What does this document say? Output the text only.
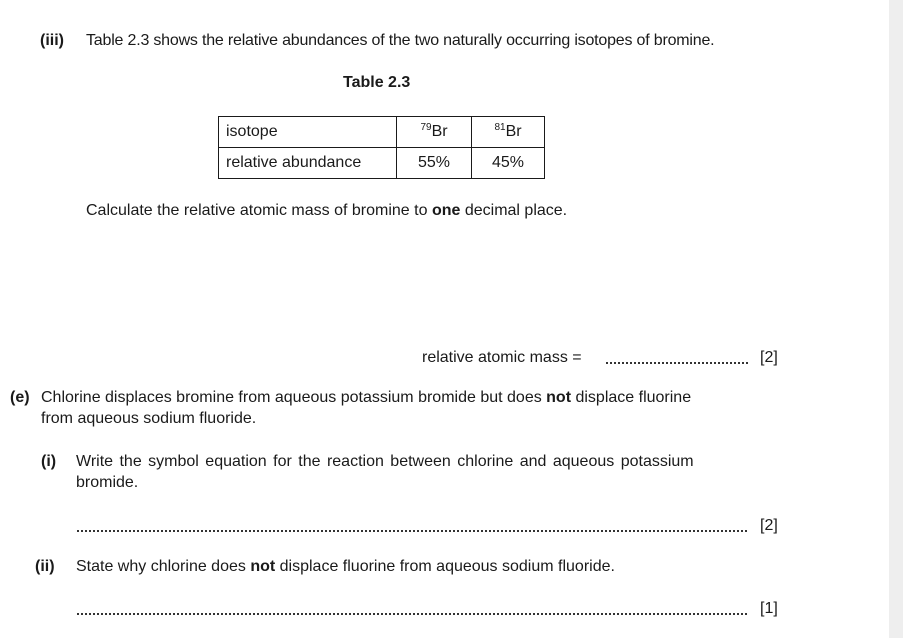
(iii) Table 2.3 shows the relative abundances of the two naturally occurring isotopes of bromine.
Table 2.3
isotope	$^{79}$Br	$^{81}$Br
relative abundance	55%	45%
Calculate the relative atomic mass of bromine to one decimal place.
relative atomic mass =	[2]
(e) Chlorine displaces bromine from aqueous potassium bromide but does not displace fluorine
from aqueous sodium fluoride.
(i) Write the symbol equation for the reaction between chlorine and aqueous potassium
bromide.
[2]
(ii) State why chlorine does not displace fluorine from aqueous sodium fluoride.
[1]
